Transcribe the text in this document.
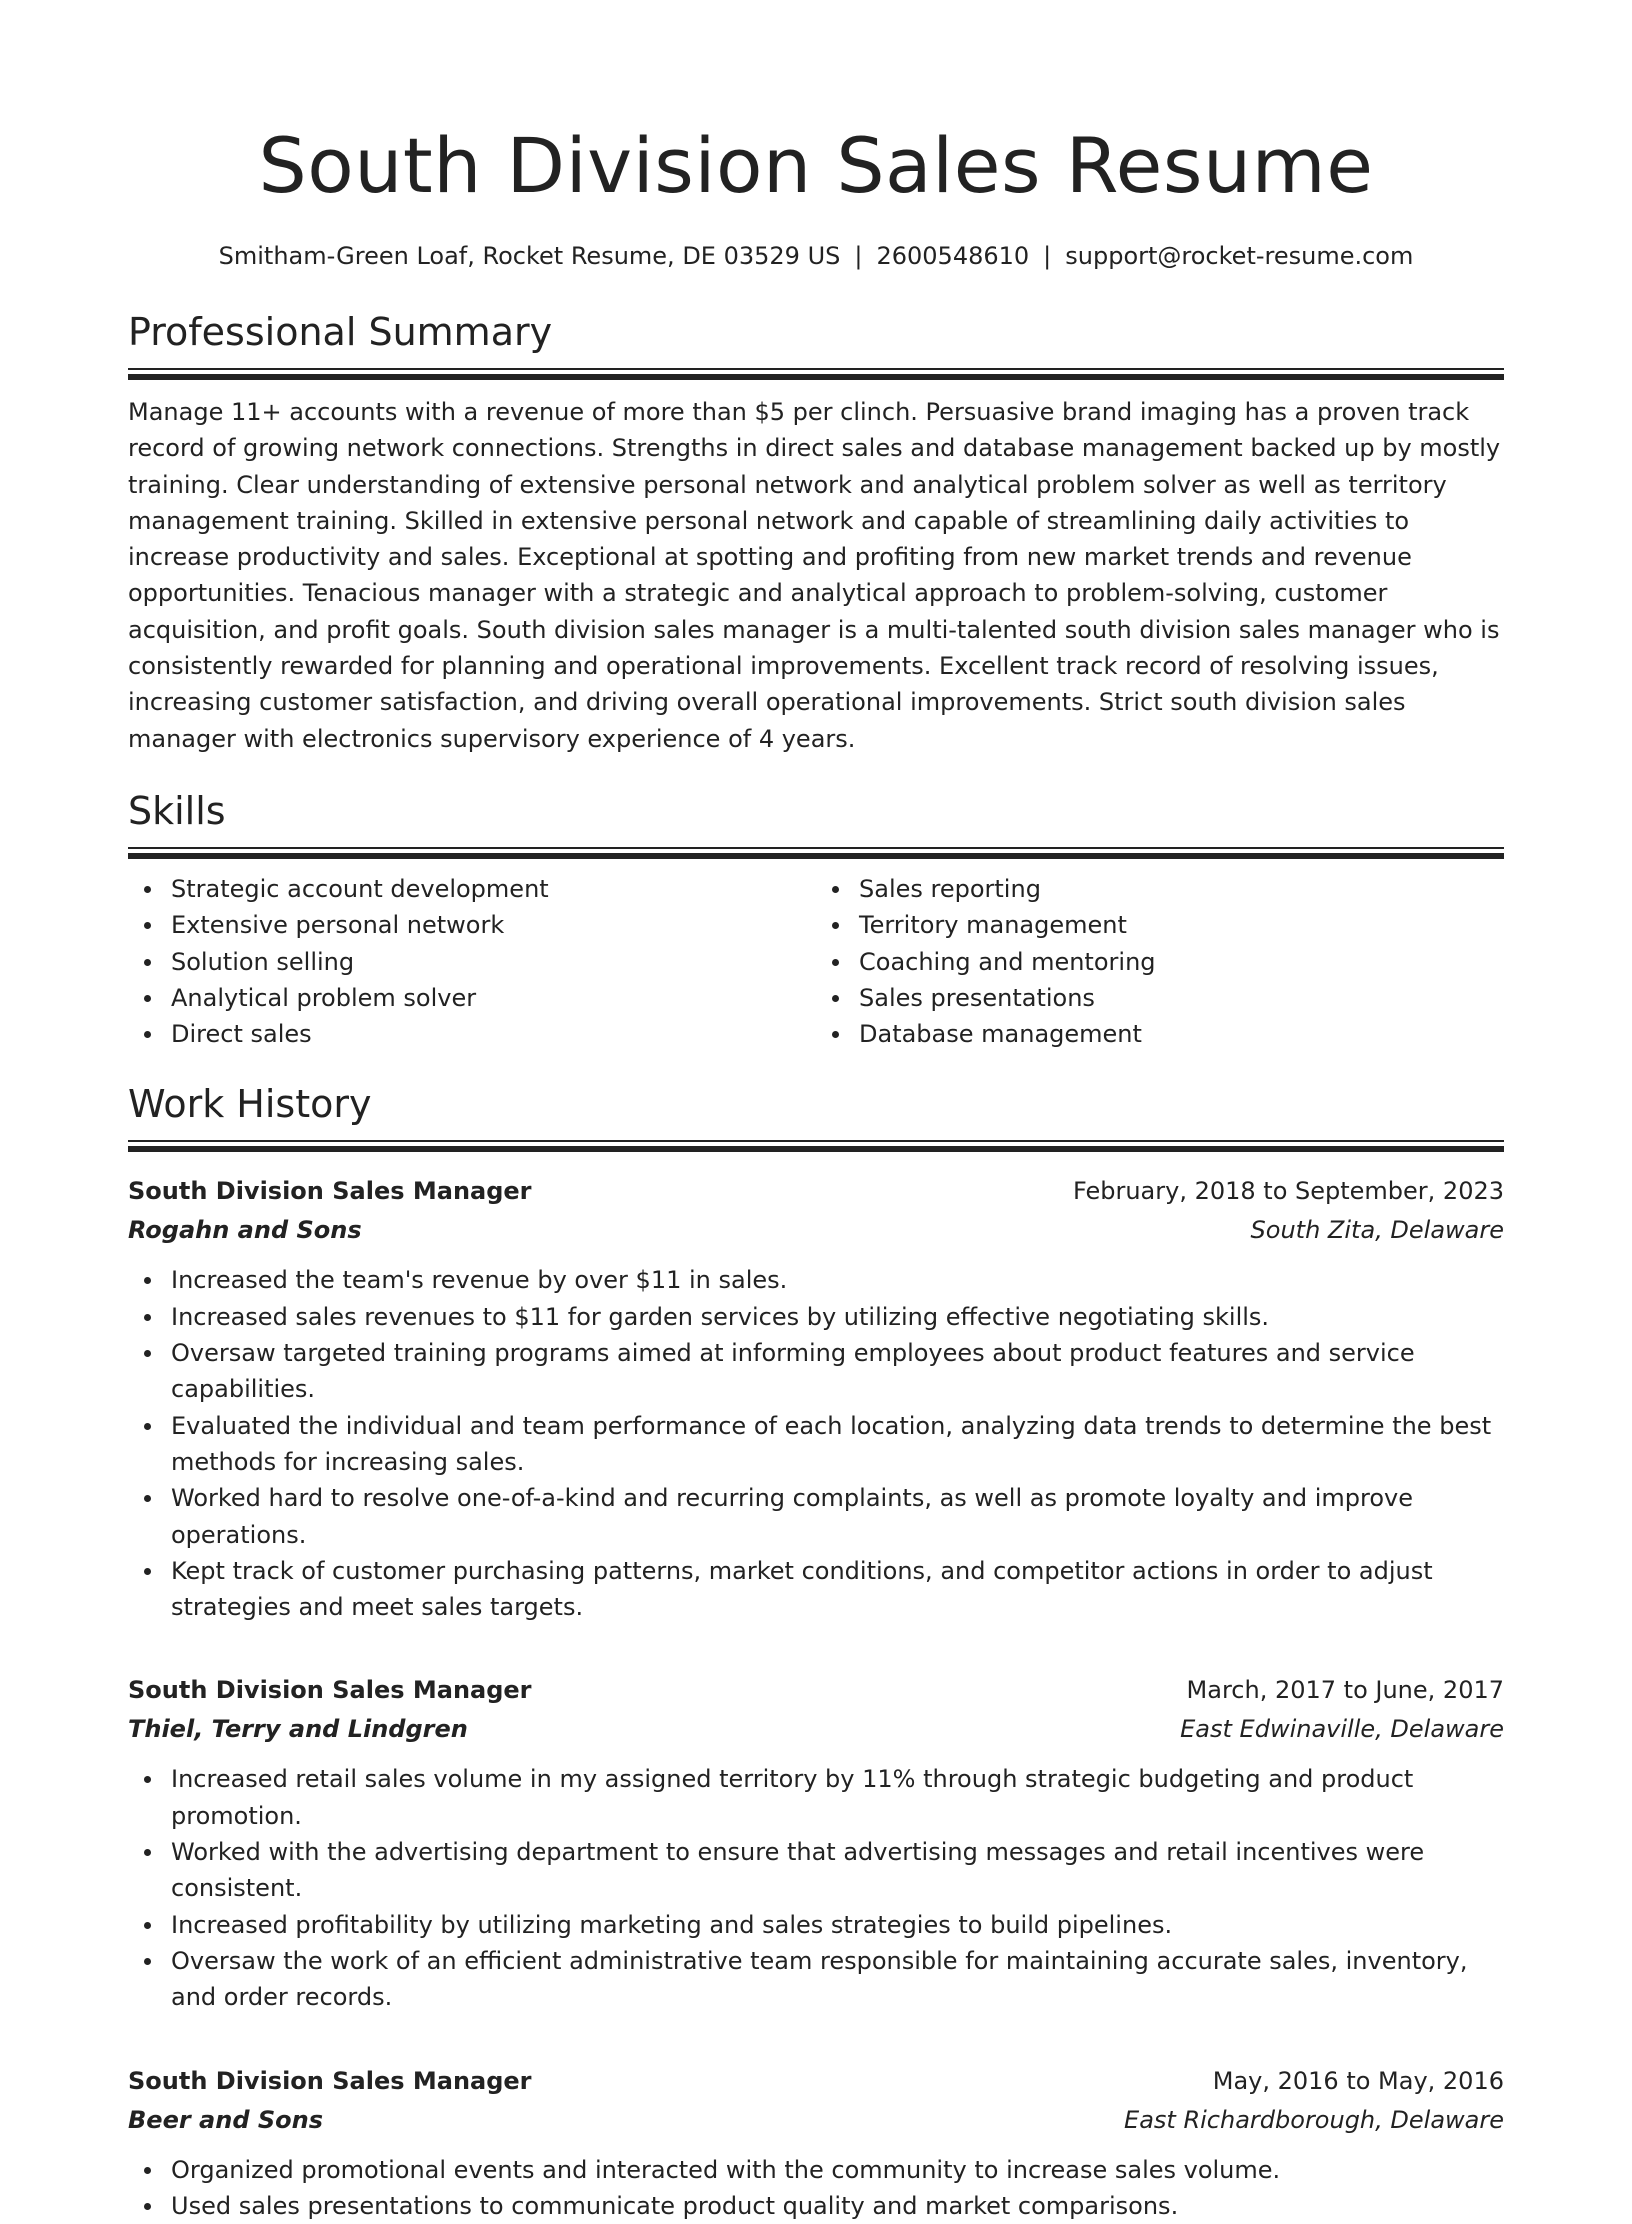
South Division Sales Resume
Smitham-Green Loaf, Rocket Resume, DE 03529 US | 2600548610 | support@rocket-resume.com
Professional Summary

Manage 11+ accounts with a revenue of more than $5 per clinch. Persuasive brand imaging has a proven track record of growing network connections. Strengths in direct sales and database management backed up by mostly training. Clear understanding of extensive personal network and analytical problem solver as well as territory management training. Skilled in extensive personal network and capable of streamlining daily activities to increase productivity and sales. Exceptional at spotting and profiting from new market trends and revenue opportunities. Tenacious manager with a strategic and analytical approach to problem-solving, customer acquisition, and profit goals. South division sales manager is a multi-talented south division sales manager who is consistently rewarded for planning and operational improvements. Excellent track record of resolving issues, increasing customer satisfaction, and driving overall operational improvements. Strict south division sales manager with electronics supervisory experience of 4 years.

Skills
Strategic account development
Extensive personal network
Solution selling
Analytical problem solver
Direct sales
Sales reporting
Territory management
Coaching and mentoring
Sales presentations
Database management
Work History
South Division Sales Manager	February, 2018 to September, 2023
Rogahn and Sons	South Zita, Delaware
Increased the team's revenue by over $11 in sales.
Increased sales revenues to $11 for garden services by utilizing effective negotiating skills.
Oversaw targeted training programs aimed at informing employees about product features and service capabilities.
Evaluated the individual and team performance of each location, analyzing data trends to determine the best methods for increasing sales.
Worked hard to resolve one-of-a-kind and recurring complaints, as well as promote loyalty and improve operations.
Kept track of customer purchasing patterns, market conditions, and competitor actions in order to adjust strategies and meet sales targets.
South Division Sales Manager	March, 2017 to June, 2017
Thiel, Terry and Lindgren	East Edwinaville, Delaware
Increased retail sales volume in my assigned territory by 11% through strategic budgeting and product promotion.
Worked with the advertising department to ensure that advertising messages and retail incentives were consistent.
Increased profitability by utilizing marketing and sales strategies to build pipelines.
Oversaw the work of an efficient administrative team responsible for maintaining accurate sales, inventory, and order records.
South Division Sales Manager	May, 2016 to May, 2016
Beer and Sons	East Richardborough, Delaware
Organized promotional events and interacted with the community to increase sales volume.
Used sales presentations to communicate product quality and market comparisons.
